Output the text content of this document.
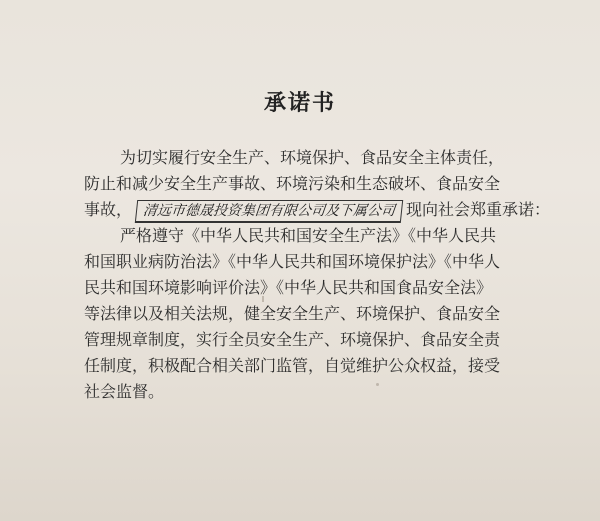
承诺书
为切实履行安全生产、环境保护、食品安全主体责任，
防止和减少安全生产事故、环境污染和生态破坏、食品安全
事故， 清远市德晟投资集团有限公司及下属公司 现向社会郑重承诺：
严格遵守《中华人民共和国安全生产法》《中华人民共
和国职业病防治法》《中华人民共和国环境保护法》《中华人
民共和国环境影响评价法》《中华人民共和国食品安全法》
等法律以及相关法规，健全安全生产、环境保护、食品安全
管理规章制度，实行全员安全生产、环境保护、食品安全责
任制度，积极配合相关部门监管，自觉维护公众权益，接受
社会监督。
